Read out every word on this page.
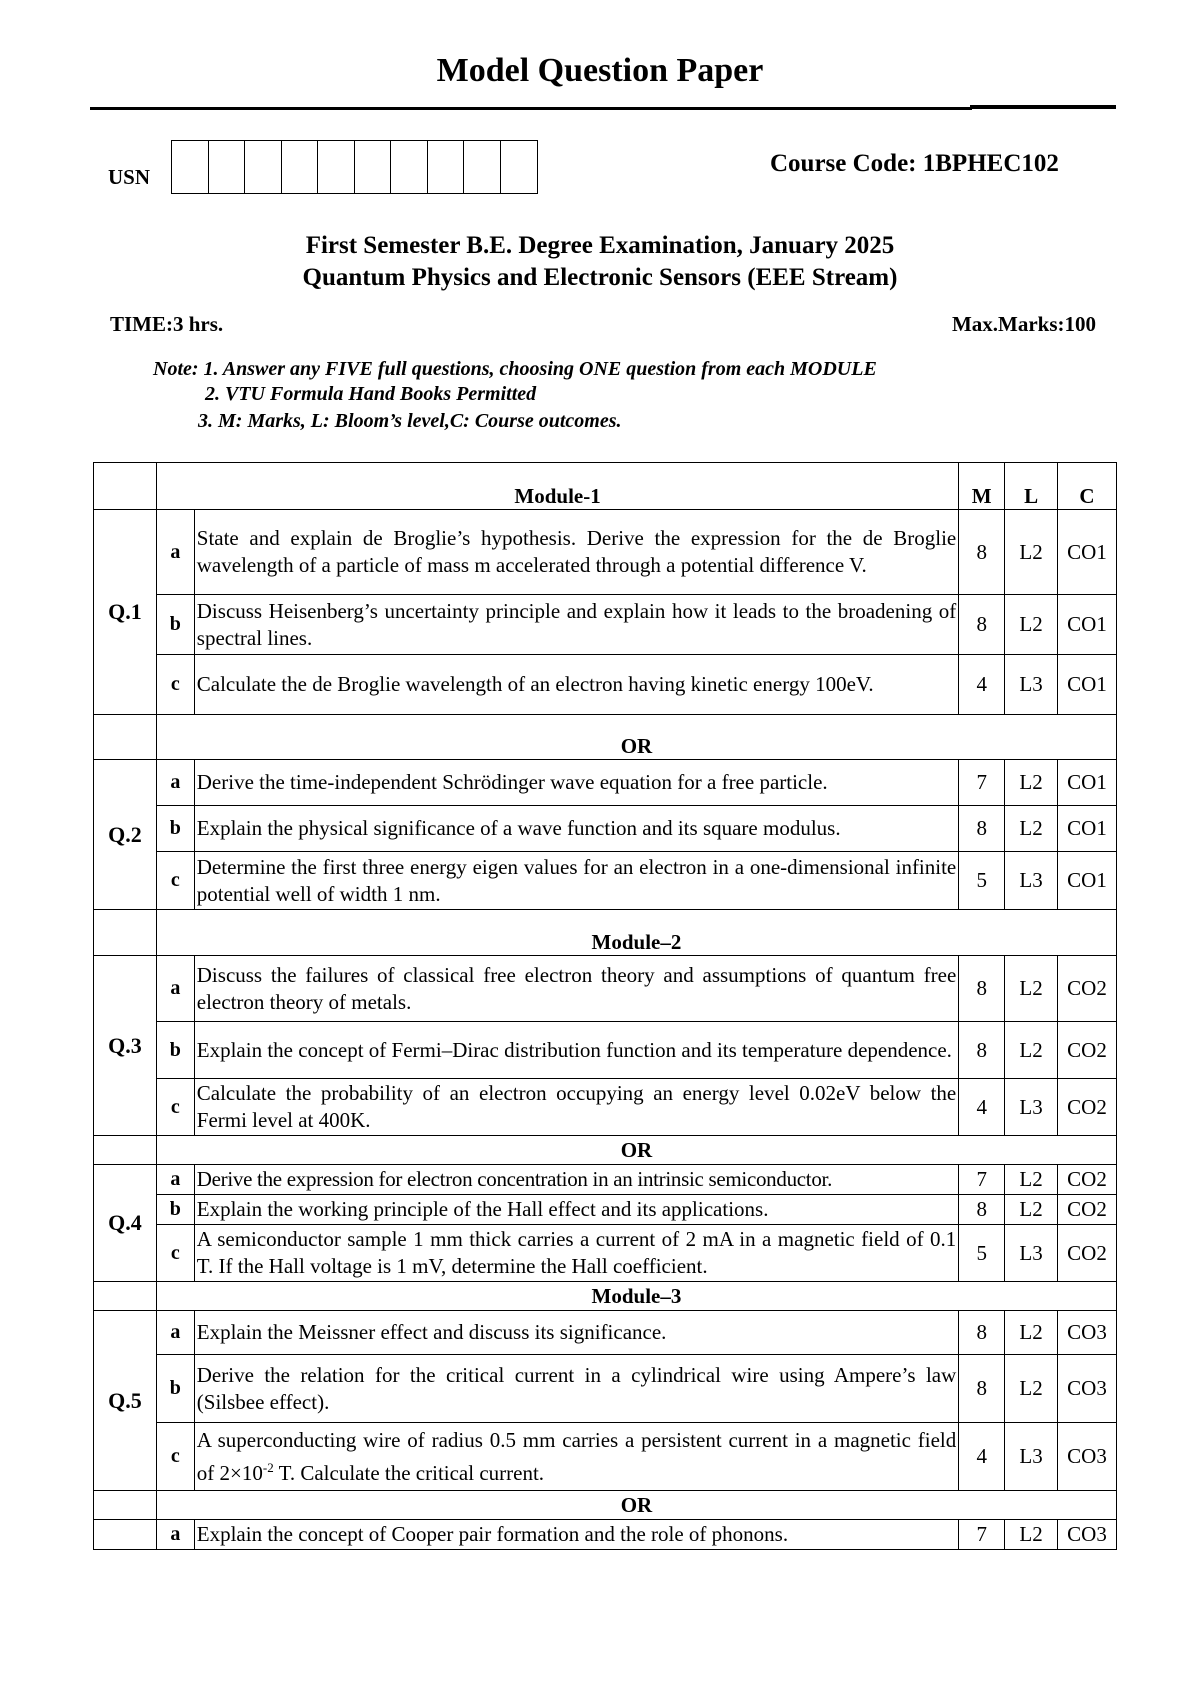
Model Question Paper
USN	Course Code: 1BPHEC102
First Semester B.E. Degree Examination, January 2025
Quantum Physics and Electronic Sensors (EEE Stream)
TIME:3 hrs.	Max.Marks:100
Note: 1. Answer any FIVE full questions, choosing ONE question from each MODULE
2. VTU Formula Hand Books Permitted
3. M: Marks, L: Bloom’s level,C: Course outcomes.
	Module-1		M	L	C
Q.1	a	State and explain de Broglie’s hypothesis. Derive the expression for the de Broglie wavelength of a particle of mass m accelerated through a potential difference V.	8	L2	CO1
	b	Discuss Heisenberg’s uncertainty principle and explain how it leads to the broadening of spectral lines.	8	L2	CO1
	c	Calculate the de Broglie wavelength of an electron having kinetic energy 100eV.	4	L3	CO1
	OR				
Q.2	a	Derive the time-independent Schrödinger wave equation for a free particle.	7	L2	CO1
	b	Explain the physical significance of a wave function and its square modulus.	8	L2	CO1
	c	Determine the first three energy eigen values for an electron in a one-dimensional infinite potential well of width 1 nm.	5	L3	CO1
	Module–2				
Q.3	a	Discuss the failures of classical free electron theory and assumptions of quantum free electron theory of metals.	8	L2	CO2
	b	Explain the concept of Fermi–Dirac distribution function and its temperature dependence.	8	L2	CO2
	c	Calculate the probability of an electron occupying an energy level 0.02eV below the Fermi level at 400K.	4	L3	CO2
	OR				
Q.4	a	Derive the expression for electron concentration in an intrinsic semiconductor.	7	L2	CO2
	b	Explain the working principle of the Hall effect and its applications.	8	L2	CO2
	c	A semiconductor sample 1 mm thick carries a current of 2 mA in a magnetic field of 0.1 T. If the Hall voltage is 1 mV, determine the Hall coefficient.	5	L3	CO2
	Module–3				
Q.5	a	Explain the Meissner effect and discuss its significance.	8	L2	CO3
	b	Derive the relation for the critical current in a cylindrical wire using Ampere’s law (Silsbee effect).	8	L2	CO3
	c	A superconducting wire of radius 0.5 mm carries a persistent current in a magnetic field of $2\times 10^{-2}$ T. Calculate the critical current.	4	L3	CO3
	OR				
	a	Explain the concept of Cooper pair formation and the role of phonons.	7	L2	CO3
